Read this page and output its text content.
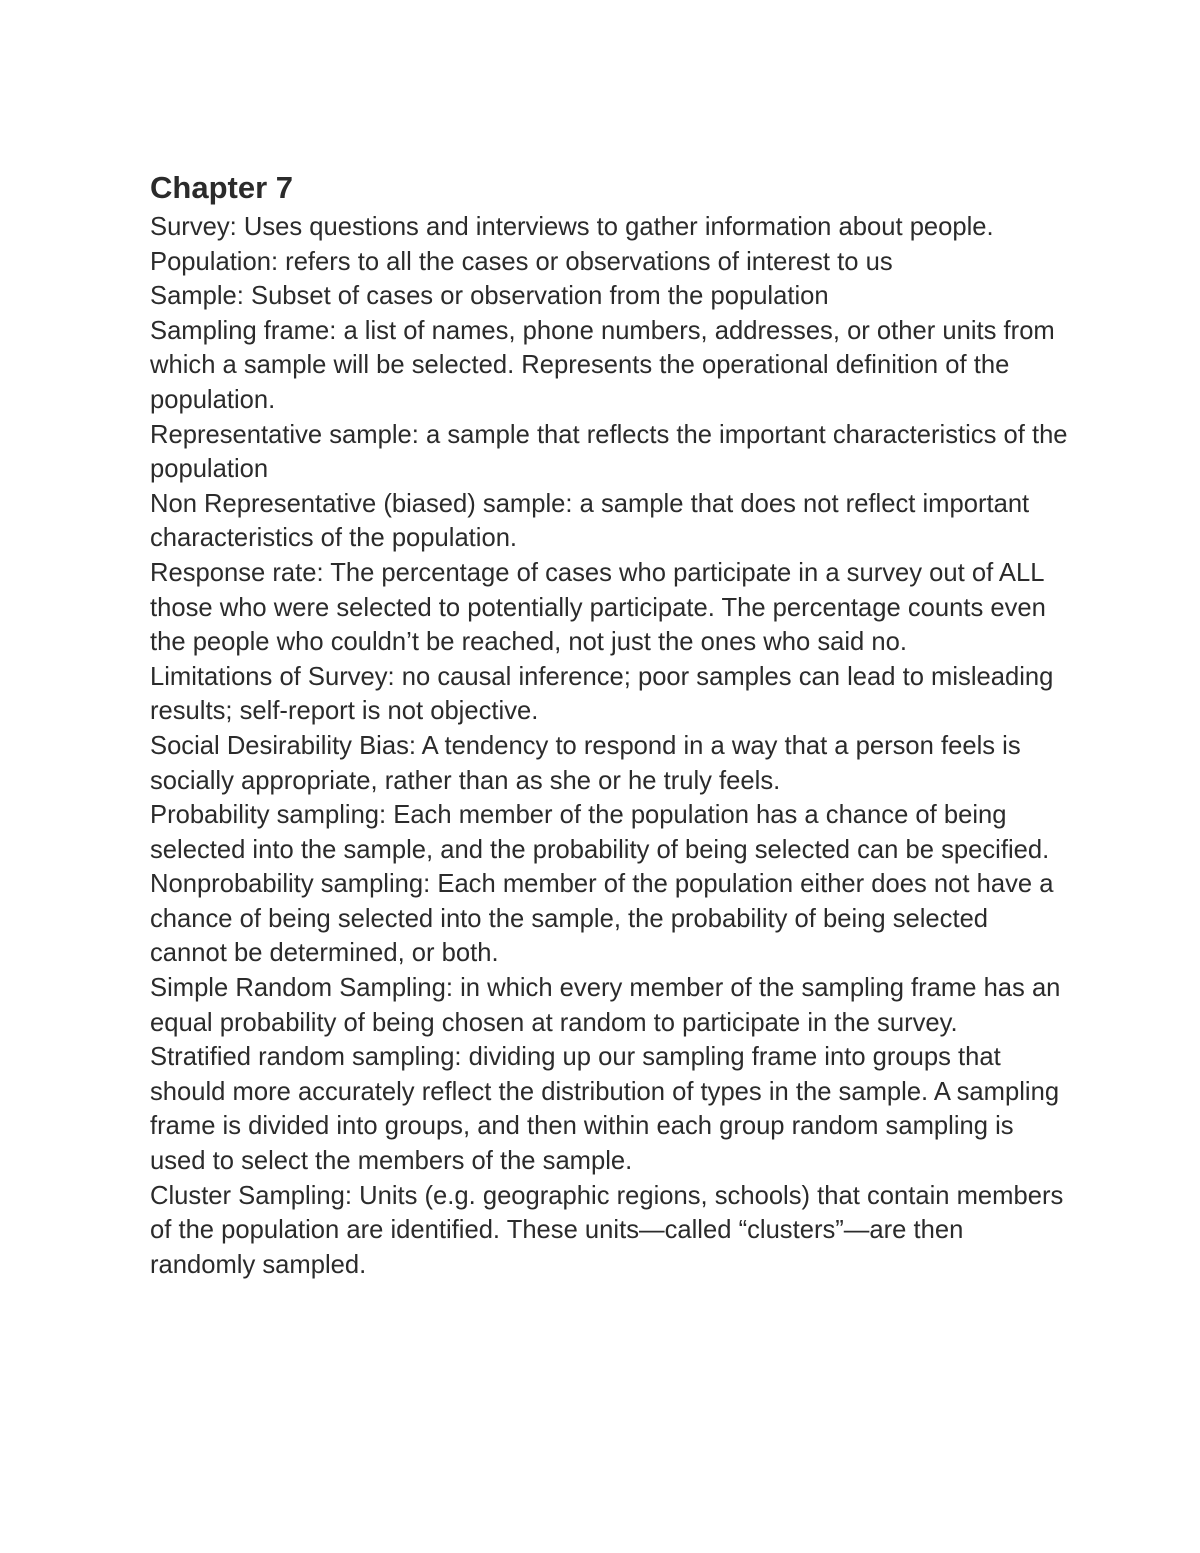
Chapter 7

Survey: Uses questions and interviews to gather information about people.

Population: refers to all the cases or observations of interest to us

Sample: Subset of cases or observation from the population

Sampling frame: a list of names, phone numbers, addresses, or other units from which a sample will be selected. Represents the operational definition of the population.

Representative sample: a sample that reflects the important characteristics of the population

Non Representative (biased) sample: a sample that does not reflect important characteristics of the population.

Response rate: The percentage of cases who participate in a survey out of ALL those who were selected to potentially participate. The percentage counts even the people who couldn’t be reached, not just the ones who said no.

Limitations of Survey: no causal inference; poor samples can lead to misleading results; self-report is not objective.

Social Desirability Bias: A tendency to respond in a way that a person feels is socially appropriate, rather than as she or he truly feels.

Probability sampling: Each member of the population has a chance of being selected into the sample, and the probability of being selected can be specified.

Nonprobability sampling: Each member of the population either does not have a chance of being selected into the sample, the probability of being selected cannot be determined, or both.

Simple Random Sampling: in which every member of the sampling frame has an equal probability of being chosen at random to participate in the survey.

Stratified random sampling: dividing up our sampling frame into groups that should more accurately reflect the distribution of types in the sample. A sampling frame is divided into groups, and then within each group random sampling is used to select the members of the sample.

Cluster Sampling: Units (e.g. geographic regions, schools) that contain members of the population are identified. These units—called “clusters”—are then randomly sampled.
